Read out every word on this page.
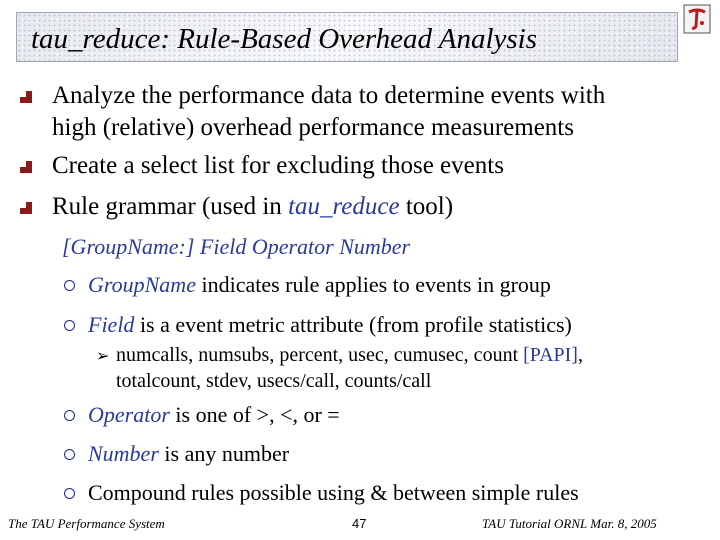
tau_reduce: Rule-Based Overhead Analysis
Analyze the performance data to determine events with
high (relative) overhead performance measurements
Create a select list for excluding those events
Rule grammar (used in tau_reduce tool)
[GroupName:] Field Operator Number
GroupName indicates rule applies to events in group
Field is a event metric attribute (from profile statistics)
➢ numcalls, numsubs, percent, usec, cumusec, count [PAPI],
totalcount, stdev, usecs/call, counts/call
Operator is one of >, <, or =
Number is any number
Compound rules possible using & between simple rules
The TAU Performance System	47	TAU Tutorial ORNL Mar. 8, 2005
